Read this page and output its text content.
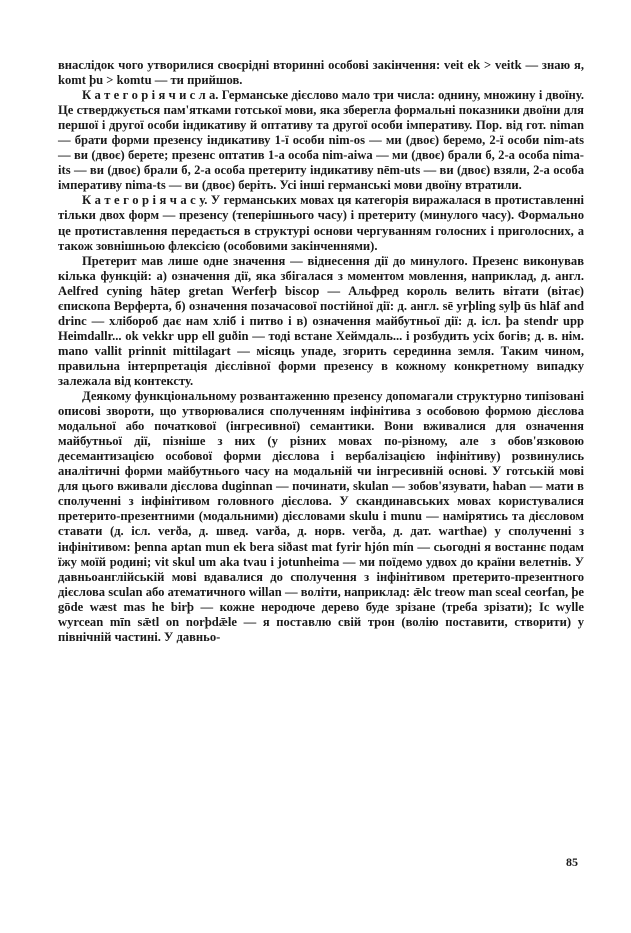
внаслідок чого утворилися своєрідні вторинні особові закінчення: veit ek > veitk — знаю я, komt þu > komtu — ти прийшов.

К а т е г о р і я ч и с л а. Германське дієслово мало три числа: однину, множину і двоїну. Це стверджується пам'ятками готської мови, яка зберегла формальні показники двоїни для першої і другої особи індикативу й оптативу та другої особи імперативу. Пор. від гот. niman — брати форми презенсу індикативу 1-ї особи nim-os — ми (двоє) беремо, 2-ї особи nim-ats — ви (двоє) берете; презенс оптатив 1-а особа nim-aiwa — ми (двоє) брали б, 2-а особа nima-its — ви (двоє) брали б, 2-а особа претериту індикативу nēm-uts — ви (двоє) взяли, 2-а особа імперативу nima-ts — ви (двоє) беріть. Усі інші германські мови двоїну втратили.

К а т е г о р і я ч а с у. У германських мовах ця категорія виражалася в протиставленні тільки двох форм — презенсу (теперішнього часу) і претериту (минулого часу). Формально це протиставлення передається в структурі основи чергуванням голосних і приголосних, а також зовнішньою флексією (особовими закінченнями).

Претерит мав лише одне значення — віднесення дії до минулого. Презенс виконував кілька функцій: а) означення дії, яка збігалася з моментом мовлення, наприклад, д. англ. Aelfred cyning hātep gretan Werferþ biscop — Альфред король велить вітати (вітає) єпископа Верферта, б) означення позачасової постійної дії: д. англ. sē yrþling sylþ ūs hlāf and drinc — хлібороб дає нам хліб і питво і в) означення майбутньої дії: д. ісл. þa stendr upp Heimdallr... ok vekkr upp ell guðin — тоді встане Хеймдаль... і розбудить усіх богів; д. в. нім. mano vallit prinnit mittilagart — місяць упаде, згорить серединна земля. Таким чином, правильна інтерпретація дієслівної форми презенсу в кожному конкретному випадку залежала від контексту.

Деякому функціональному розвантаженню презенсу допомагали структурно типізовані описові звороти, що утворювалися сполученням інфінітива з особовою формою дієслова модальної або початкової (інгресивної) семантики. Вони вживалися для означення майбутньої дії, пізніше з них (у різних мовах по-різному, але з обов'язковою десемантизацією особової форми дієслова і вербалізацією інфінітиву) розвинулись аналітичні форми майбутнього часу на модальній чи інгресивній основі. У готській мові для цього вживали дієслова duginnan — починати, skulan — зобов'язувати, haban — мати в сполученні з інфінітивом головного дієслова. У скандинавських мовах користувалися претерито-презентними (модальними) дієсловами skulu і munu — намірятись та дієсловом ставати (д. ісл. verða, д. швед. varða, д. норв. verða, д. дат. warthae) у сполученні з інфінітивом: þenna aptan mun ek bera siðast mat fyrir hjón mín — сьогодні я востаннє подам їжу моїй родині; vit skul um aka tvau i jotunheima — ми поїдемо удвох до країни велетнів. У давньоанглійській мові вдавалися до сполучення з інфінітивом претерито-презентного дієслова sculan або атематичного willan — воліти, наприклад: ǣlc treow man sceal ceorfan, þe gōde wæst mas he birþ — кожне неродюче дерево буде зрізане (треба зрізати); Ic wylle wyrcean mīn sǣtl on norþdǣle — я поставлю свій трон (волію поставити, створити) у північній частині. У давньо-

85
